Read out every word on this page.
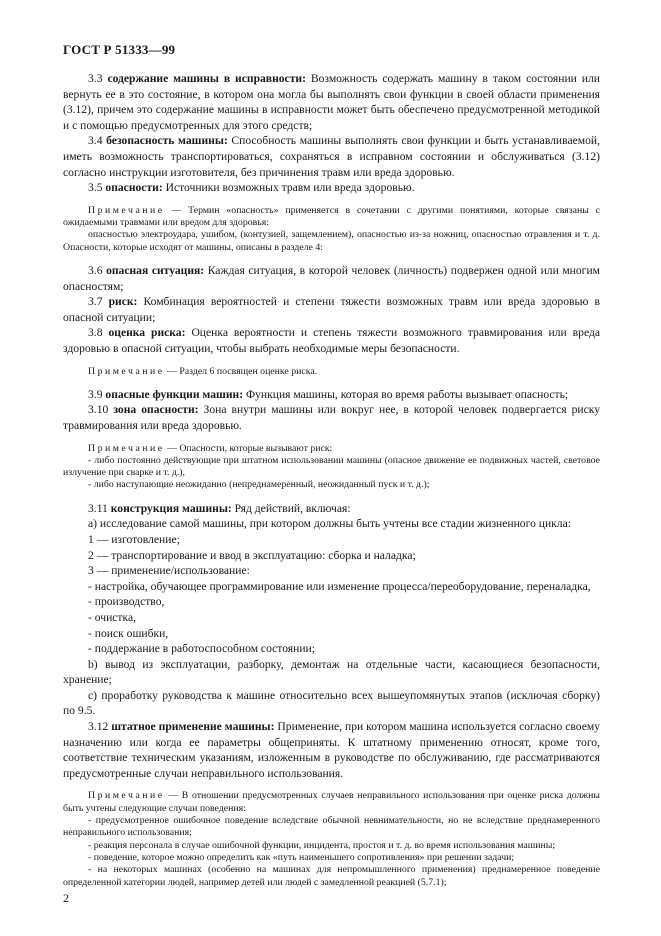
ГОСТ Р 51333—99

3.3 содержание машины в исправности: Возможность содержать машину в таком состоянии или вернуть ее в это состояние, в котором она могла бы выполнять свои функции в своей области применения (3.12), причем это содержание машины в исправности может быть обеспечено предусмотренной методикой и с помощью предусмотренных для этого средств;

3.4 безопасность машины: Способность машины выполнять свои функции и быть устанавливаемой, иметь возможность транспортироваться, сохраняться в исправном состоянии и обслуживаться (3.12) согласно инструкции изготовителя, без причинения травм или вреда здоровью.

3.5 опасности: Источники возможных травм или вреда здоровью.

Примечание — Термин «опасность» применяется в сочетании с другими понятиями, которые связаны с ожидаемыми травмами или вредом для здоровья:

опасностью электроудара, ушибом, (контузией, защемлением), опасностью из-за ножниц, опасностью отравления и т. д. Опасности, которые исходят от машины, описаны в разделе 4:

3.6 опасная ситуация: Каждая ситуация, в которой человек (личность) подвержен одной или многим опасностям;

3.7 риск: Комбинация вероятностей и степени тяжести возможных травм или вреда здоровью в опасной ситуации;

3.8 оценка риска: Оценка вероятности и степень тяжести возможного травмирования или вреда здоровью в опасной ситуации, чтобы выбрать необходимые меры безопасности.

Примечание — Раздел 6 посвящен оценке риска.

3.9 опасные функции машин: Функция машины, которая во время работы вызывает опасность;

3.10 зона опасности: Зона внутри машины или вокруг нее, в которой человек подвергается риску травмирования или вреда здоровью.

Примечание — Опасности, которые вызывают риск:

- либо постоянно действующие при штатном использовании машины (опасное движение ее подвижных частей, световое излучение при сварке и т. д.),

- либо наступающие неожиданно (непреднамеренный, неожиданный пуск и т. д.);

3.11 конструкция машины: Ряд действий, включая:

а) исследование самой машины, при котором должны быть учтены все стадии жизненного цикла:

1 — изготовление;

2 — транспортирование и ввод в эксплуатацию: сборка и наладка;

3 — применение/использование:

- настройка, обучающее программирование или изменение процесса/переоборудование, переналадка,

- производство,

- очистка,

- поиск ошибки,

- поддержание в работоспособном состоянии;

b) вывод из эксплуатации, разборку, демонтаж на отдельные части, касающиеся безопасности, хранение;

с) проработку руководства к машине относительно всех вышеупомянутых этапов (исключая сборку) по 9.5.

3.12 штатное применение машины: Применение, при котором машина используется согласно своему назначению или когда ее параметры общеприняты. К штатному применению относят, кроме того, соответствие техническим указаниям, изложенным в руководстве по обслуживанию, где рассматриваются предусмотренные случаи неправильного использования.

Примечание — В отношении предусмотренных случаев неправильного использования при оценке риска должны быть учтены следующие случаи поведения:

- предусмотренное ошибочное поведение вследствие обычной невнимательности, но не вследствие преднамеренного неправильного использования;

- реакция персонала в случае ошибочной функции, инцидента, простоя и т. д. во время использования машины;

- поведение, которое можно определить как «путь наименьшего сопротивления» при решении задачи;

- на некоторых машинах (особенно на машинах для непромышленного применения) преднамеренное поведение определенной категории людей, например детей или людей с замедленной реакцией (5.7.1);

2
